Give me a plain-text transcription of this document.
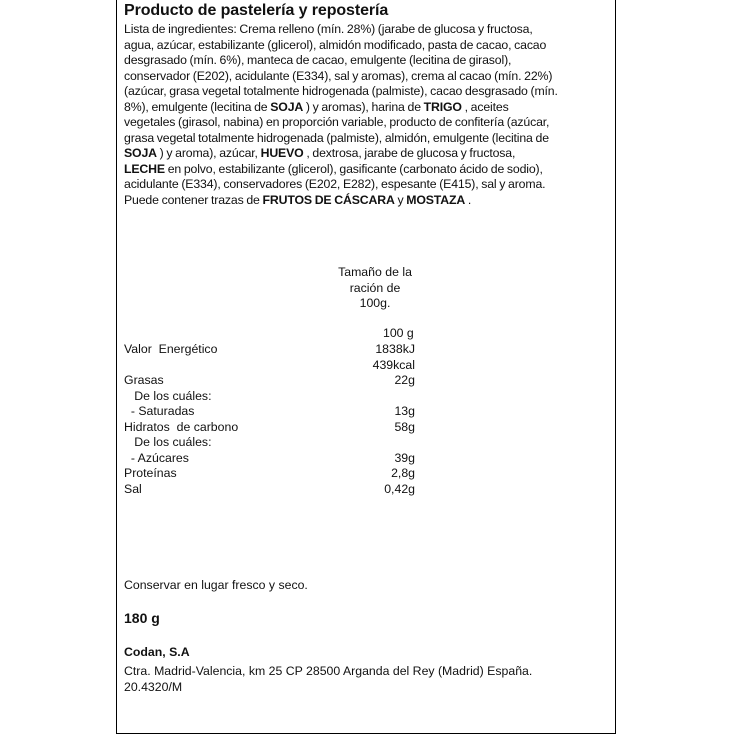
Producto de pastelería y repostería
Lista de ingredientes: Crema relleno (mín. 28%) (jarabe de glucosa y fructosa,
agua, azúcar, estabilizante (glicerol), almidón modificado, pasta de cacao, cacao
desgrasado (mín. 6%), manteca de cacao, emulgente (lecitina de girasol),
conservador (E202), acidulante (E334), sal y aromas), crema al cacao (mín. 22%)
(azúcar, grasa vegetal totalmente hidrogenada (palmiste), cacao desgrasado (mín.
8%), emulgente (lecitina de SOJA ) y aromas), harina de TRIGO , aceites
vegetales (girasol, nabina) en proporción variable, producto de confitería (azúcar,
grasa vegetal totalmente hidrogenada (palmiste), almidón, emulgente (lecitina de
SOJA ) y aroma), azúcar, HUEVO , dextrosa, jarabe de glucosa y fructosa,
LECHE en polvo, estabilizante (glicerol), gasificante (carbonato ácido de sodio),
acidulante (E334), conservadores (E202, E282), espesante (E415), sal y aroma.
Puede contener trazas de FRUTOS DE CÁSCARA y MOSTAZA .
Tamaño de la ración de
100g.
100 g
Valor  Energético

Grasas
De los cuáles:
- Saturadas
Hidratos  de carbono
De los cuáles:
- Azúcares
Proteínas
Sal
1838kJ
439kcal
22g

13g
58g

39g
2,8g
0,42g
Conservar en lugar fresco y seco.
180 g
Codan, S.A
Ctra. Madrid-Valencia, km 25 CP 28500 Arganda del Rey (Madrid) España.
20.4320/M
